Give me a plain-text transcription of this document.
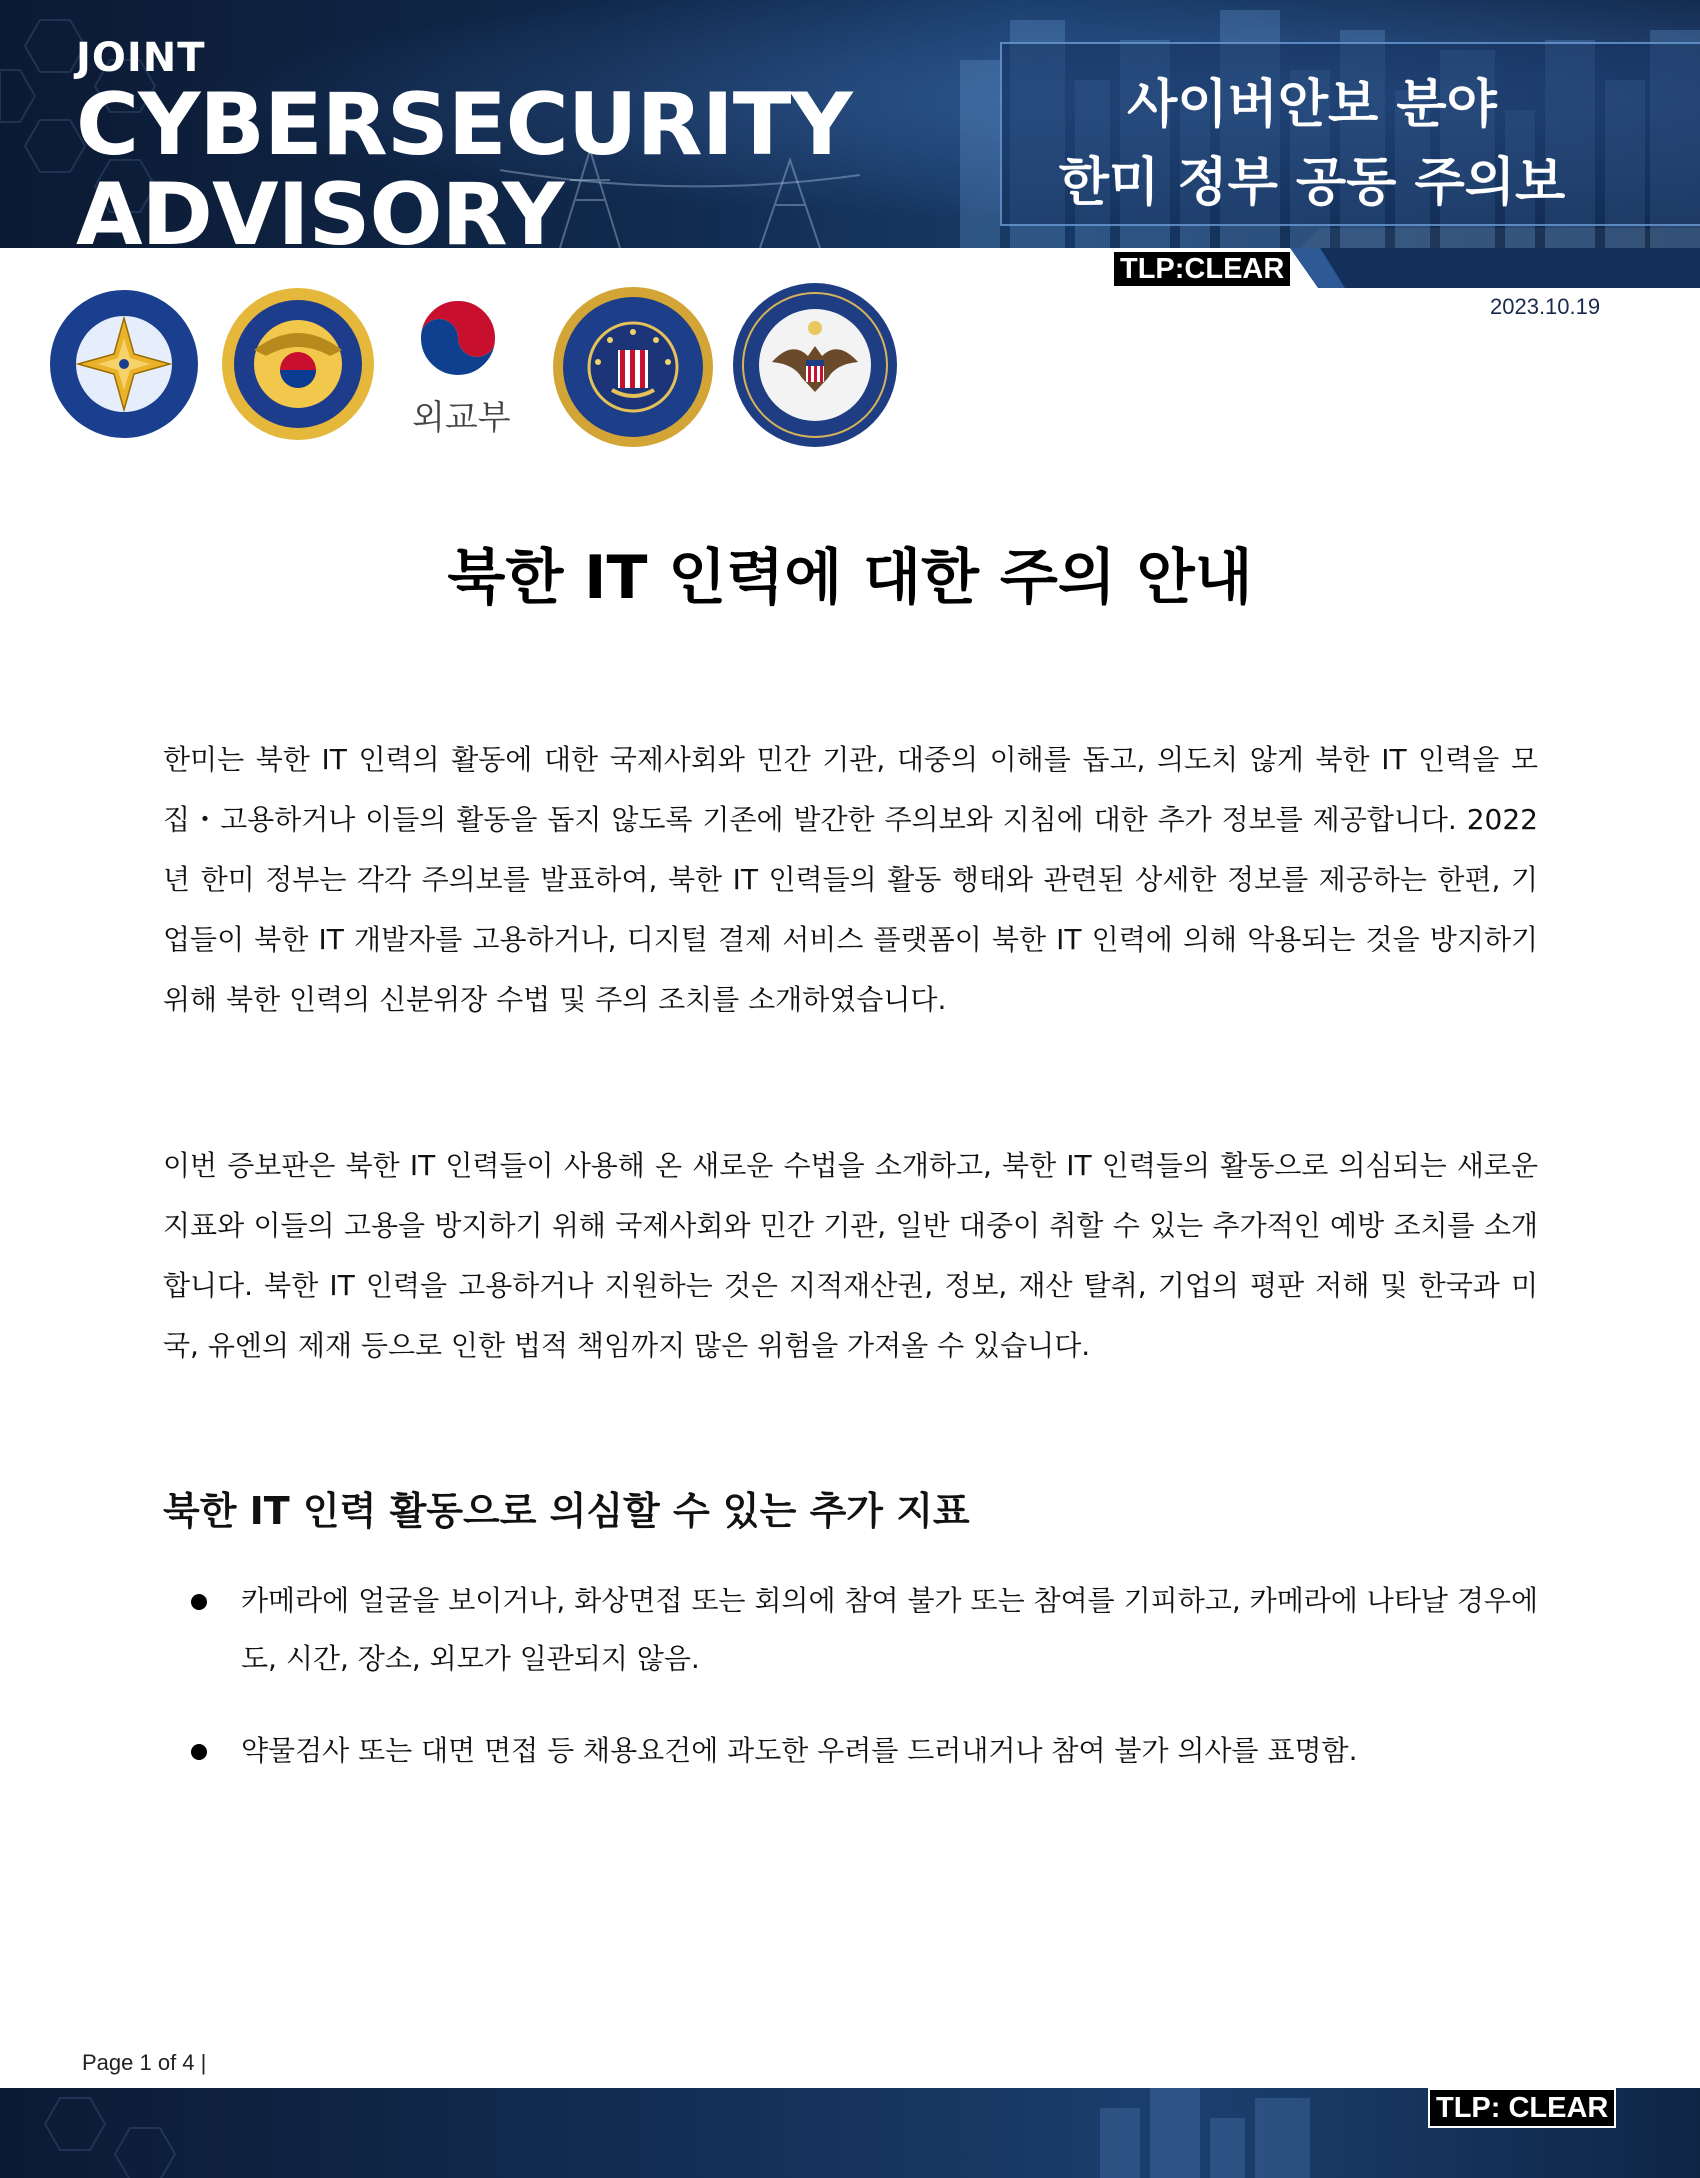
JOINT
CYBERSECURITY
ADVISORY
사이버안보 분야
한미 정부 공동 주의보
TLP:CLEAR
2023.10.19
외교부
북한 IT 인력에 대한 주의 안내

한미는 북한 IT 인력의 활동에 대한 국제사회와 민간 기관, 대중의 이해를 돕고, 의도치 않게 북한 IT 인력을 모집・고용하거나 이들의 활동을 돕지 않도록 기존에 발간한 주의보와 지침에 대한 추가 정보를 제공합니다. 2022 년 한미 정부는 각각 주의보를 발표하여, 북한 IT 인력들의 활동 행태와 관련된 상세한 정보를 제공하는 한편, 기업들이 북한 IT 개발자를 고용하거나, 디지털 결제 서비스 플랫폼이 북한 IT 인력에 의해 악용되는 것을 방지하기 위해 북한 인력의 신분위장 수법 및 주의 조치를 소개하였습니다.

이번 증보판은 북한 IT 인력들이 사용해 온 새로운 수법을 소개하고, 북한 IT 인력들의 활동으로 의심되는 새로운 지표와 이들의 고용을 방지하기 위해 국제사회와 민간 기관, 일반 대중이 취할 수 있는 추가적인 예방 조치를 소개합니다. 북한 IT 인력을 고용하거나 지원하는 것은 지적재산권, 정보, 재산 탈취, 기업의 평판 저해 및 한국과 미국, 유엔의 제재 등으로 인한 법적 책임까지 많은 위험을 가져올 수 있습니다.

북한 IT 인력 활동으로 의심할 수 있는 추가 지표
카메라에 얼굴을 보이거나, 화상면접 또는 회의에 참여 불가 또는 참여를 기피하고, 카메라에 나타날 경우에도, 시간, 장소, 외모가 일관되지 않음.
약물검사 또는 대면 면접 등 채용요건에 과도한 우려를 드러내거나 참여 불가 의사를 표명함.
Page 1 of 4 |
TLP: CLEAR
